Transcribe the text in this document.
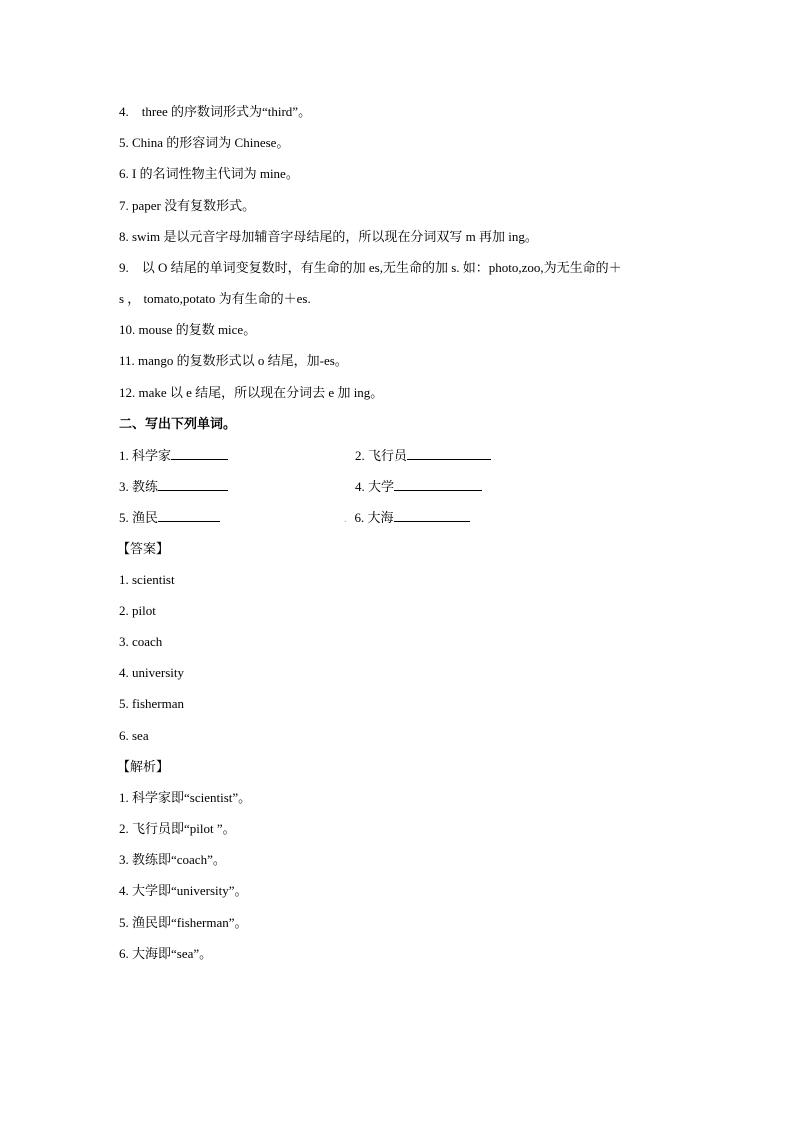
4.　three 的序数词形式为“third”。
5. China 的形容词为 Chinese。
6. I 的名词性物主代词为 mine。
7. paper 没有复数形式。
8. swim 是以元音字母加辅音字母结尾的，所以现在分词双写 m 再加 ing。
9.　以 O 结尾的单词变复数时，有生命的加 es,无生命的加 s. 如：photo,zoo,为无生命的＋
s ， tomato,potato 为有生命的＋es.
10. mouse 的复数 mice。
11. mango 的复数形式以 o 结尾，加-es。
12. make 以 e 结尾，所以现在分词去 e 加 ing。
二、写出下列单词。
1. 科学家	2. 飞行员
3. 教练	4. 大学
5. 渔民	. 6. 大海
【答案】
1. scientist
2. pilot
3. coach
4. university
5. fisherman
6. sea
【解析】
1. 科学家即“scientist”。
2. 飞行员即“pilot ”。
3. 教练即“coach”。
4. 大学即“university”。
5. 渔民即“fisherman”。
6. 大海即“sea”。
